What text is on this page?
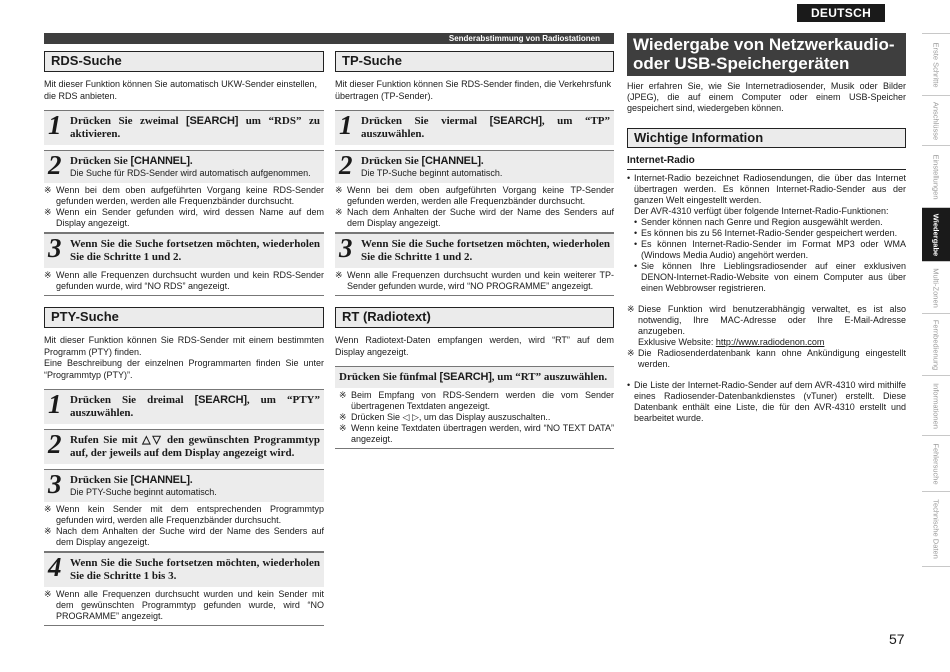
DEUTSCH
Senderabstimmung von Radiostationen
RDS-Suche
Mit dieser Funktion können Sie automatisch UKW-Sender einstellen, die RDS anbieten.
1 Drücken Sie zweimal [SEARCH] um “RDS” zu aktivieren.
2 Drücken Sie [CHANNEL].
Die Suche für RDS-Sender wird automatisch aufgenommen.
※ Wenn bei dem oben aufgeführten Vorgang keine RDS-Sender gefunden werden, werden alle Frequenzbänder durchsucht.
※ Wenn ein Sender gefunden wird, wird dessen Name auf dem Display angezeigt.
3 Wenn Sie die Suche fortsetzen möchten, wiederholen Sie die Schritte 1 und 2.
※ Wenn alle Frequenzen durchsucht wurden und kein RDS-Sender gefunden wurde, wird “NO RDS” angezeigt.
PTY-Suche
Mit dieser Funktion können Sie RDS-Sender mit einem bestimmten Programm (PTY) finden.
Eine Beschreibung der einzelnen Programmarten finden Sie unter “Programmtyp (PTY)”.
1 Drücken Sie dreimal [SEARCH], um “PTY” auszuwählen.
2 Rufen Sie mit △▽ den gewünschten Programmtyp auf, der jeweils auf dem Display angezeigt wird.
3 Drücken Sie [CHANNEL].
Die PTY-Suche beginnt automatisch.
※ Wenn kein Sender mit dem entsprechenden Programmtyp gefunden wird, werden alle Frequenzbänder durchsucht.
※ Nach dem Anhalten der Suche wird der Name des Senders auf dem Display angezeigt.
4 Wenn Sie die Suche fortsetzen möchten, wiederholen Sie die Schritte 1 bis 3.
※ Wenn alle Frequenzen durchsucht wurden und kein Sender mit dem gewünschten Programmtyp gefunden wurde, wird “NO PROGRAMME” angezeigt.
TP-Suche
Mit dieser Funktion können Sie RDS-Sender finden, die Verkehrsfunk übertragen (TP-Sender).
1 Drücken Sie viermal [SEARCH], um “TP” auszuwählen.
2 Drücken Sie [CHANNEL].
Die TP-Suche beginnt automatisch.
※ Wenn bei dem oben aufgeführten Vorgang keine TP-Sender gefunden werden, werden alle Frequenzbänder durchsucht.
※ Nach dem Anhalten der Suche wird der Name des Senders auf dem Display angezeigt.
3 Wenn Sie die Suche fortsetzen möchten, wiederholen Sie die Schritte 1 und 2.
※ Wenn alle Frequenzen durchsucht wurden und kein weiterer TP-Sender gefunden wurde, wird “NO PROGRAMME” angezeigt.
RT (Radiotext)
Wenn Radiotext-Daten empfangen werden, wird “RT” auf dem Display angezeigt.
Drücken Sie fünfmal [SEARCH], um “RT” auszuwählen.
※ Beim Empfang von RDS-Sendern werden die vom Sender übertragenen Textdaten angezeigt.
※ Drücken Sie ◁ ▷, um das Display auszuschalten..
※ Wenn keine Textdaten übertragen werden, wird “NO TEXT DATA” angezeigt.
Wiedergabe von Netzwerkaudio- oder USB-Speichergeräten
Hier erfahren Sie, wie Sie Internetradiosender, Musik oder Bilder (JPEG), die auf einem Computer oder einem USB-Speicher gespeichert sind, wiedergeben können.
Wichtige Information
Internet-Radio
• Internet-Radio bezeichnet Radiosendungen, die über das Internet übertragen werden. Es können Internet-Radio-Sender aus der ganzen Welt eingestellt werden.
Der AVR-4310 verfügt über folgende Internet-Radio-Funktionen:
• Sender können nach Genre und Region ausgewählt werden.
• Es können bis zu 56 Internet-Radio-Sender gespeichert werden.
• Es können Internet-Radio-Sender im Format MP3 oder WMA (Windows Media Audio) angehört werden.
• Sie können Ihre Lieblingsradiosender auf einer exklusiven DENON-Internet-Radio-Website von einem Computer aus über einen Webbrowser registrieren.
※ Diese Funktion wird benutzerabhängig verwaltet, es ist also notwendig, Ihre MAC-Adresse oder Ihre E-Mail-Adresse anzugeben.
Exklusive Website: http://www.radiodenon.com
※ Die Radiosenderdatenbank kann ohne Ankündigung eingestellt werden.
• Die Liste der Internet-Radio-Sender auf dem AVR-4310 wird mithilfe eines Radiosender-Datenbankdienstes (vTuner) erstellt. Diese Datenbank enthält eine Liste, die für den AVR-4310 erstellt und bearbeitet wurde.
Erste Schritte
Anschlüsse
Einstellungen
Wiedergabe
Multi-Zonen
Fernbedienung
Informationen
Fehlersuche
Technische Daten
57
